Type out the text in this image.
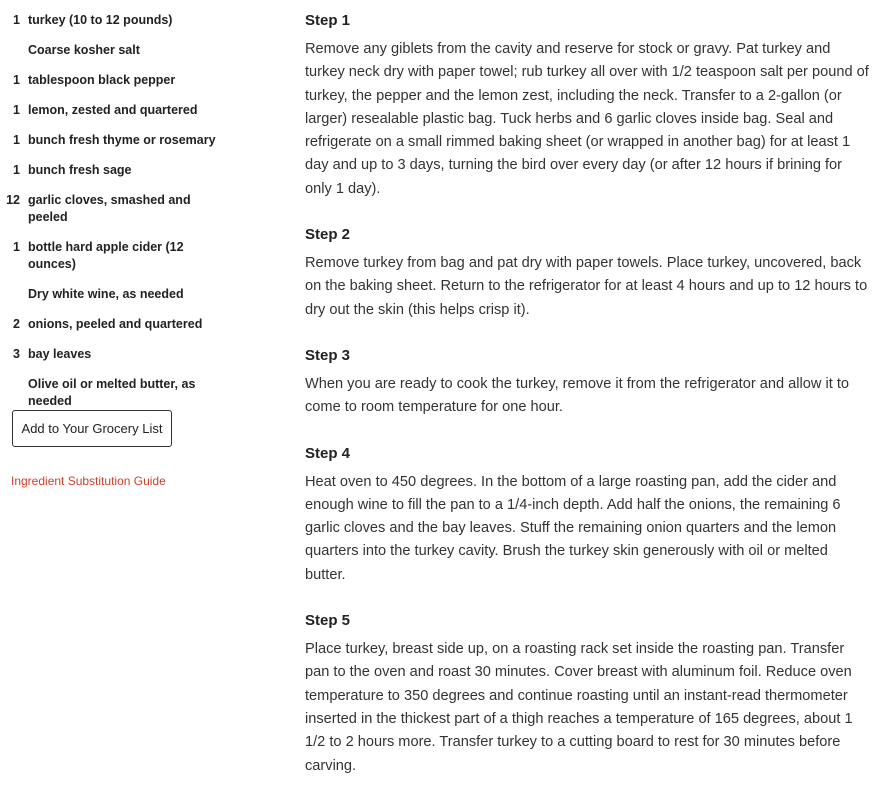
1 turkey (10 to 12 pounds)
Coarse kosher salt
1 tablespoon black pepper
1 lemon, zested and quartered
1 bunch fresh thyme or rosemary
1 bunch fresh sage
12 garlic cloves, smashed and peeled
1 bottle hard apple cider (12 ounces)
Dry white wine, as needed
2 onions, peeled and quartered
3 bay leaves
Olive oil or melted butter, as needed
Add to Your Grocery List
Ingredient Substitution Guide
Step 1

Remove any giblets from the cavity and reserve for stock or gravy. Pat turkey and turkey neck dry with paper towel; rub turkey all over with 1/2 teaspoon salt per pound of turkey, the pepper and the lemon zest, including the neck. Transfer to a 2-gallon (or larger) resealable plastic bag. Tuck herbs and 6 garlic cloves inside bag. Seal and refrigerate on a small rimmed baking sheet (or wrapped in another bag) for at least 1 day and up to 3 days, turning the bird over every day (or after 12 hours if brining for only 1 day).

Step 2

Remove turkey from bag and pat dry with paper towels. Place turkey, uncovered, back on the baking sheet. Return to the refrigerator for at least 4 hours and up to 12 hours to dry out the skin (this helps crisp it).

Step 3

When you are ready to cook the turkey, remove it from the refrigerator and allow it to come to room temperature for one hour.

Step 4

Heat oven to 450 degrees. In the bottom of a large roasting pan, add the cider and enough wine to fill the pan to a 1/4-inch depth. Add half the onions, the remaining 6 garlic cloves and the bay leaves. Stuff the remaining onion quarters and the lemon quarters into the turkey cavity. Brush the turkey skin generously with oil or melted butter.

Step 5

Place turkey, breast side up, on a roasting rack set inside the roasting pan. Transfer pan to the oven and roast 30 minutes. Cover breast with aluminum foil. Reduce oven temperature to 350 degrees and continue roasting until an instant-read thermometer inserted in the thickest part of a thigh reaches a temperature of 165 degrees, about 1 1/2 to 2 hours more. Transfer turkey to a cutting board to rest for 30 minutes before carving.
